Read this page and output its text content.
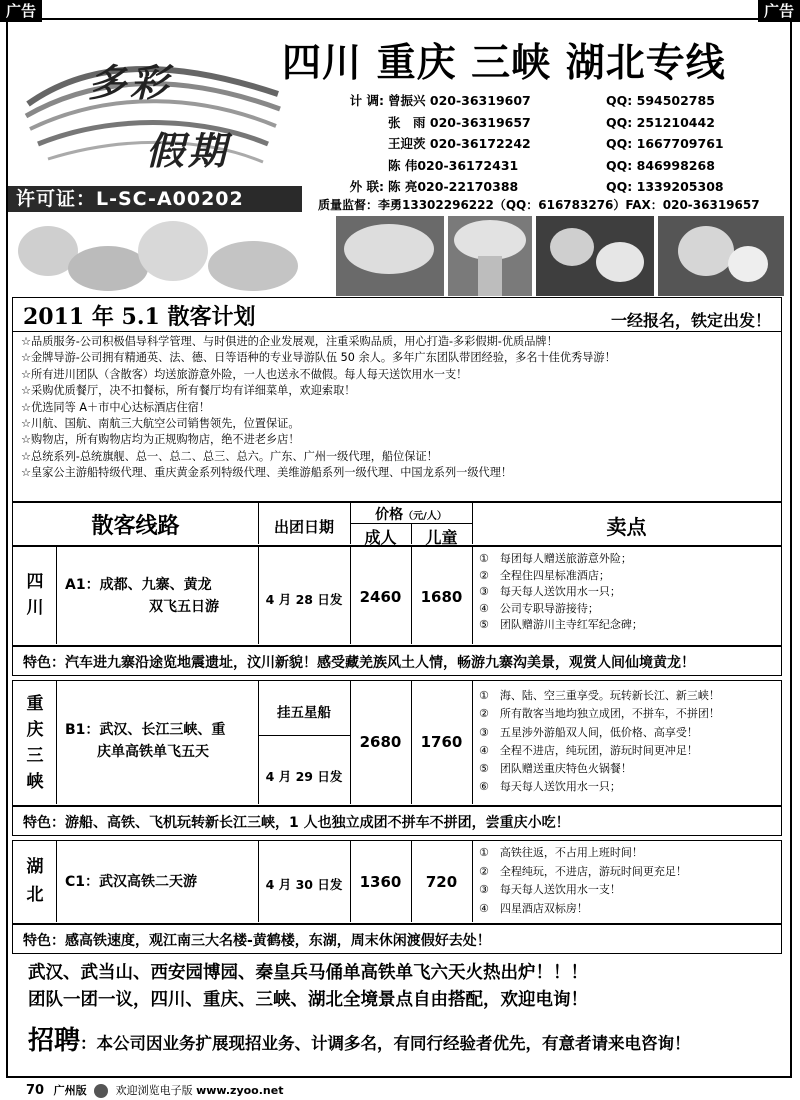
广告	广告
多彩
假期
四川 重庆 三峡 湖北专线
计 调: 曾振兴 020-36319607	QQ: 594502785
张　雨 020-36319657	QQ: 251210442
王迎茨 020-36172242	QQ: 1667709761
陈 伟020-36172431	QQ: 846998268
外 联: 陈 亮020-22170388	QQ: 1339205308
许可证：L-SC-A00202	质量监督：李勇13302296222（QQ：616783276）FAX：020-36319657
2011 年 5.1 散客计划	一经报名，铁定出发！
☆品质服务-公司积极倡导科学管理、与时俱进的企业发展观，注重采购品质，用心打造-多彩假期-优质品牌！
☆金牌导游-公司拥有精通英、法、德、日等语种的专业导游队伍 50 余人。多年广东团队带团经验，多名十佳优秀导游！
☆所有进川团队（含散客）均送旅游意外险，一人也送永不做假。每人每天送饮用水一支！
☆采购优质餐厅，决不扣餐标，所有餐厅均有详细菜单，欢迎索取！
☆优选同等 A＋市中心达标酒店住宿！
☆川航、国航、南航三大航空公司销售领先，位置保证。
☆购物店，所有购物店均为正规购物店，绝不进老乡店！
☆总统系列-总统旗舰、总一、总二、总三、总六。广东、广州一级代理，船位保证！
☆皇家公主游船特级代理、重庆黄金系列特级代理、美维游船系列一级代理、中国龙系列一级代理！
散客线路	出团日期
价格（元/人）
成人	儿童	卖点
四
川
A1：成都、九寨、黄龙
双飞五日游	4 月 28 日发	2460	1680
①　每团每人赠送旅游意外险；
②　全程住四星标准酒店；
③　每天每人送饮用水一只；
④　公司专职导游接待；
⑤　团队赠游川主寺红军纪念碑；
特色：汽车进九寨沿途览地震遗址，汶川新貌！感受藏羌族风土人情，畅游九寨沟美景，观赏人间仙境黄龙！
重
庆
三
峡
B1：武汉、长江三峡、重
庆单高铁单飞五天
挂五星船
4 月 29 日发
2680	1760
①　海、陆、空三重享受。玩转新长江、新三峡！
②　所有散客当地均独立成团，不拼车，不拼团！
③　五星涉外游船双人间，低价格、高享受！
④　全程不进店，纯玩团，游玩时间更冲足！
⑤　团队赠送重庆特色火锅餐！
⑥　每天每人送饮用水一只；
特色：游船、高铁、飞机玩转新长江三峡，1 人也独立成团不拼车不拼团，尝重庆小吃！
湖
北
C1：武汉高铁二天游	4 月 30 日发	1360	720
①　高铁往返，不占用上班时间！
②　全程纯玩，不进店，游玩时间更充足！
③　每天每人送饮用水一支！
④　四星酒店双标房！
特色：感高铁速度，观江南三大名楼-黄鹤楼，东湖，周末休闲渡假好去处！
武汉、武当山、西安园博园、秦皇兵马俑单高铁单飞六天火热出炉！！！
团队一团一议，四川、重庆、三峡、湖北全境景点自由搭配，欢迎电询！
招聘：本公司因业务扩展现招业务、计调多名，有同行经验者优先，有意者请来电咨询！
70 广州版	欢迎浏览电子版 www.zyoo.net
